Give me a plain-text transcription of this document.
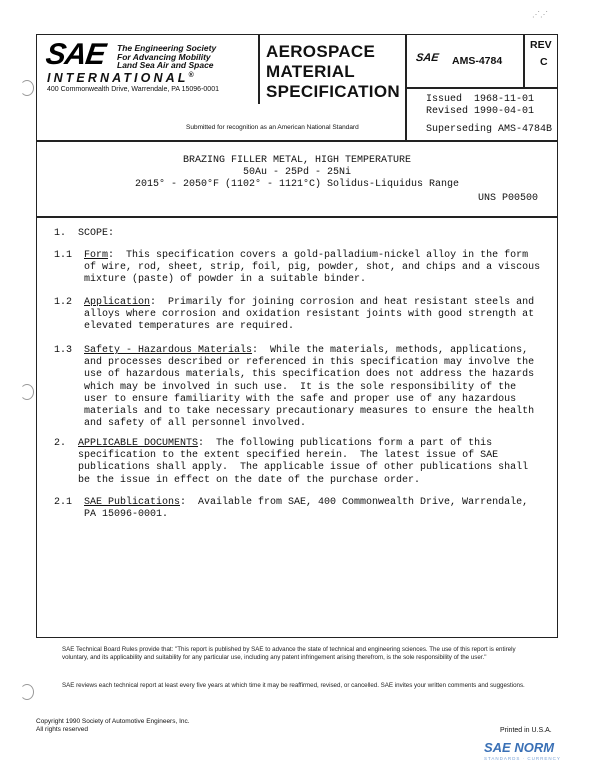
⋰⋰
SAE The Engineering Society
For Advancing Mobility
Land Sea Air and Space
INTERNATIONAL®
400 Commonwealth Drive, Warrendale, PA 15096-0001
AEROSPACE
MATERIAL
SPECIFICATION
SAE AMS-4784
REV
C
Issued  1968-11-01
Revised 1990-04-01
Superseding AMS-4784B
Submitted for recognition as an American National Standard
BRAZING FILLER METAL, HIGH TEMPERATURE
50Au - 25Pd - 25Ni
2015° - 2050°F (1102° - 1121°C) Solidus-Liquidus Range
UNS P00500
1. SCOPE:
1.1 Form:  This specification covers a gold-palladium-nickel alloy in the form
of wire, rod, sheet, strip, foil, pig, powder, shot, and chips and a viscous
mixture (paste) of powder in a suitable binder.
1.2 Application:  Primarily for joining corrosion and heat resistant steels and
alloys where corrosion and oxidation resistant joints with good strength at
elevated temperatures are required.
1.3 Safety - Hazardous Materials:  While the materials, methods, applications,
and processes described or referenced in this specification may involve the
use of hazardous materials, this specification does not address the hazards
which may be involved in such use.  It is the sole responsibility of the
user to ensure familiarity with the safe and proper use of any hazardous
materials and to take necessary precautionary measures to ensure the health
and safety of all personnel involved.
2. APPLICABLE DOCUMENTS:  The following publications form a part of this
specification to the extent specified herein.  The latest issue of SAE
publications shall apply.  The applicable issue of other publications shall
be the issue in effect on the date of the purchase order.
2.1 SAE Publications:  Available from SAE, 400 Commonwealth Drive, Warrendale,
PA 15096-0001.
SAE Technical Board Rules provide that: "This report is published by SAE to advance the state of technical and engineering sciences. The use of this report is entirely voluntary, and its applicability and suitability for any particular use, including any patent infringement arising therefrom, is the sole responsibility of the user."
SAE reviews each technical report at least every five years at which time it may be reaffirmed, revised, or cancelled. SAE invites your written comments and suggestions.
Copyright 1990 Society of Automotive Engineers, Inc.
All rights reserved	Printed in U.S.A.
SAE NORM
STANDARDS · CURRENCY
